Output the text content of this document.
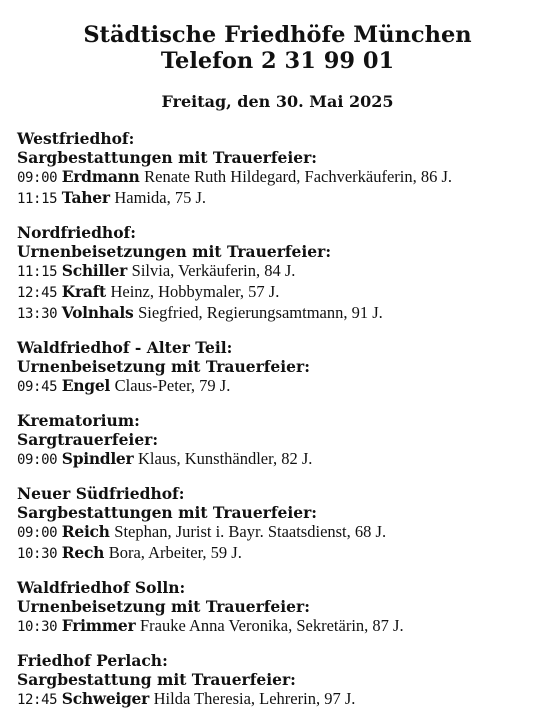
Städtische Friedhöfe München
Telefon 2 31 99 01
Freitag, den 30. Mai 2025
Westfriedhof:
Sargbestattungen mit Trauerfeier:
09:00 Erdmann Renate Ruth Hildegard, Fachverkäuferin, 86 J.
11:15 Taher Hamida, 75 J.
Nordfriedhof:
Urnenbeisetzungen mit Trauerfeier:
11:15 Schiller Silvia, Verkäuferin, 84 J.
12:45 Kraft Heinz, Hobbymaler, 57 J.
13:30 Volnhals Siegfried, Regierungsamtmann, 91 J.
Waldfriedhof - Alter Teil:
Urnenbeisetzung mit Trauerfeier:
09:45 Engel Claus-Peter, 79 J.
Krematorium:
Sargtrauerfeier:
09:00 Spindler Klaus, Kunsthändler, 82 J.
Neuer Südfriedhof:
Sargbestattungen mit Trauerfeier:
09:00 Reich Stephan, Jurist i. Bayr. Staatsdienst, 68 J.
10:30 Rech Bora, Arbeiter, 59 J.
Waldfriedhof Solln:
Urnenbeisetzung mit Trauerfeier:
10:30 Frimmer Frauke Anna Veronika, Sekretärin, 87 J.
Friedhof Perlach:
Sargbestattung mit Trauerfeier:
12:45 Schweiger Hilda Theresia, Lehrerin, 97 J.
